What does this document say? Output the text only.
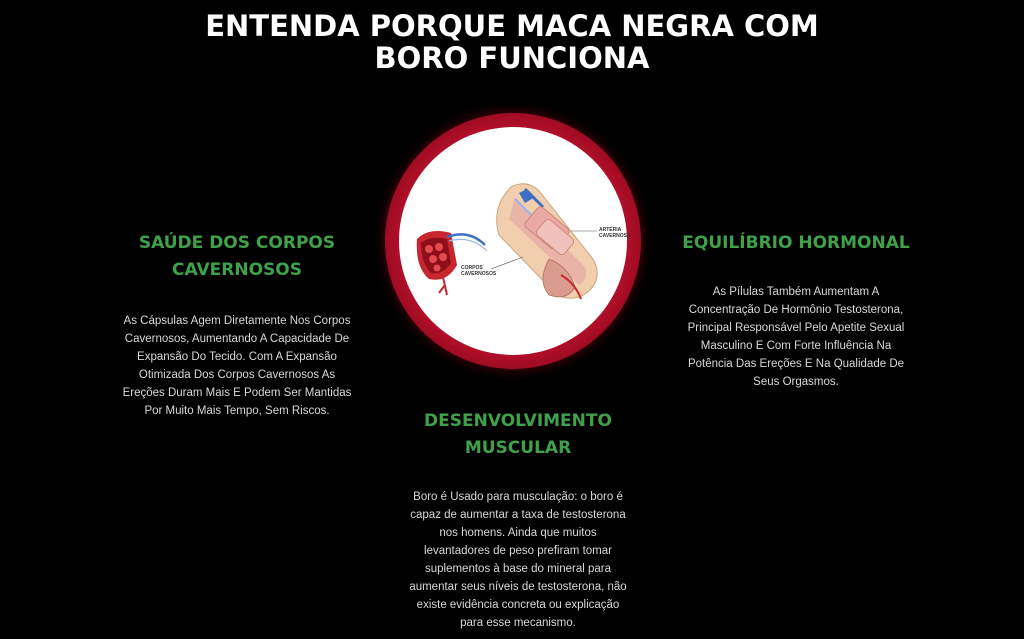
ENTENDA PORQUE MACA NEGRA COM
BORO FUNCIONA
SAÚDE DOS CORPOS
CAVERNOSOS
As Cápsulas Agem Diretamente Nos Corpos
Cavernosos, Aumentando A Capacidade De
Expansão Do Tecido. Com A Expansão
Otimizada Dos Corpos Cavernosos As
Ereções Duram Mais E Podem Ser Mantidas
Por Muito Mais Tempo, Sem Riscos.
ARTÉRIA
CAVERNOSA
CORPOS
CAVERNOSOS
EQUILÍBRIO HORMONAL
As Pílulas Também Aumentam A
Concentração De Hormônio Testosterona,
Principal Responsável Pelo Apetite Sexual
Masculino E Com Forte Influência Na
Potência Das Ereções E Na Qualidade De
Seus Orgasmos.
DESENVOLVIMENTO
MUSCULAR
Boro é Usado para musculação: o boro é
capaz de aumentar a taxa de testosterona
nos homens. Ainda que muitos
levantadores de peso prefiram tomar
suplementos à base do mineral para
aumentar seus níveis de testosterona, não
existe evidência concreta ou explicação
para esse mecanismo.
